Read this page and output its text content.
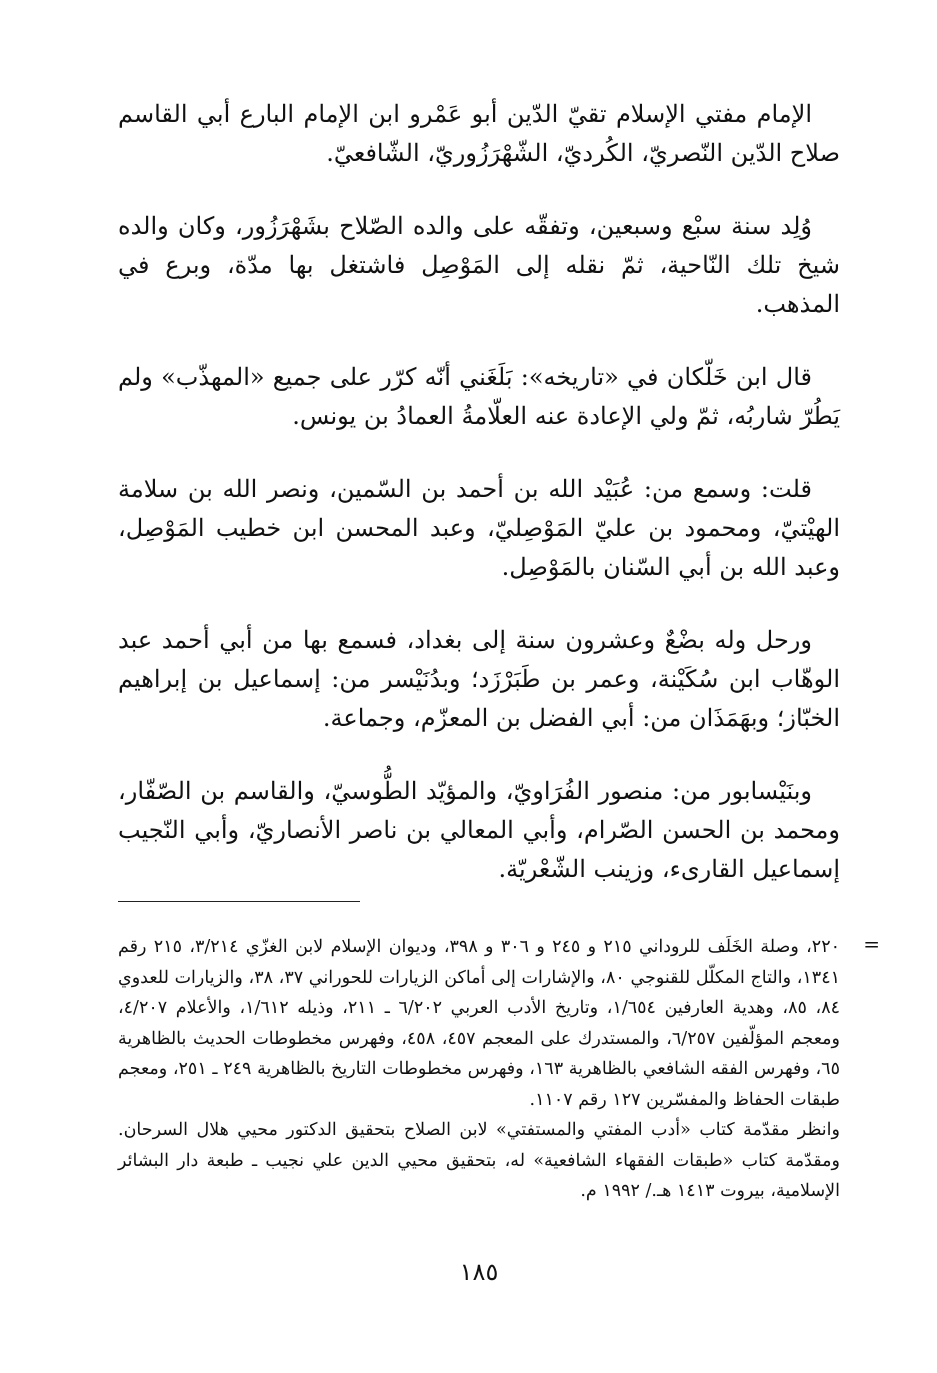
الإمام مفتي الإسلام تقيّ الدّين أبو عَمْرو ابن الإمام البارع أبي القاسم صلاح الدّين النّصريّ، الكُرديّ، الشّهْرَزُوريّ، الشّافعيّ.

وُلِد سنة سبْع وسبعين، وتفقّه على والده الصّلاح بشَهْرَزُور، وكان والده شيخ تلك النّاحية، ثمّ نقله إلى المَوْصِل فاشتغل بها مدّة، وبرع في المذهب.

قال ابن خَلّكان في «تاريخه»: بَلَغَني أنّه كرّر على جميع «المهذّب» ولم يَطُرّ شاربُه، ثمّ ولي الإعادة عنه العلّامةُ العمادُ بن يونس.

قلت: وسمع من: عُبَيْد الله بن أحمد بن السّمين، ونصر الله بن سلامة الهيْتيّ، ومحمود بن عليّ المَوْصِليّ، وعبد المحسن ابن خطيب المَوْصِل، وعبد الله بن أبي السّنان بالمَوْصِل.

ورحل وله بضْعٌ وعشرون سنة إلى بغداد، فسمع بها من أبي أحمد عبد الوهّاب ابن سُكَيْنة، وعمر بن طَبَرْزَد؛ وبدُنَيْسر من: إسماعيل بن إبراهيم الخبّاز؛ وبهَمَذَان من: أبي الفضل بن المعزّم، وجماعة.

وبنَيْسابور من: منصور الفُرَاويّ، والمؤيّد الطُّوسيّ، والقاسم بن الصّفّار، ومحمد بن الحسن الصّرام، وأبي المعالي بن ناصر الأنصاريّ، وأبي النّجيب إسماعيل القارىء، وزينب الشّعْريّة.

=

٢٢٠، وصلة الخَلَف للروداني ٢١٥ و ٢٤٥ و ٣٠٦ و ٣٩٨، وديوان الإسلام لابن الغزّي ٣/٢١٤، ٢١٥ رقم ١٣٤١، والتاج المكلّل للقنوجي ٨٠، والإشارات إلى أماكن الزيارات للحوراني ٣٧، ٣٨، والزيارات للعدوي ٨٤، ٨٥، وهدية العارفين ١/٦٥٤، وتاريخ الأدب العربي ٦/٢٠٢ ـ ٢١١، وذيله ١/٦١٢، والأعلام ٤/٢٠٧، ومعجم المؤلّفين ٦/٢٥٧، والمستدرك على المعجم ٤٥٧، ٤٥٨، وفهرس مخطوطات الحديث بالظاهرية ٦٥، وفهرس الفقه الشافعي بالظاهرية ١٦٣، وفهرس مخطوطات التاريخ بالظاهرية ٢٤٩ ـ ٢٥١، ومعجم طبقات الحفاظ والمفسّرين ١٢٧ رقم ١١٠٧.

وانظر مقدّمة كتاب «أدب المفتي والمستفتي» لابن الصلاح بتحقيق الدكتور محيي هلال السرحان. ومقدّمة كتاب «طبقات الفقهاء الشافعية» له، بتحقيق محيي الدين علي نجيب ـ طبعة دار البشائر الإسلامية، بيروت ١٤١٣ هـ./ ١٩٩٢ م.

١٨٥
